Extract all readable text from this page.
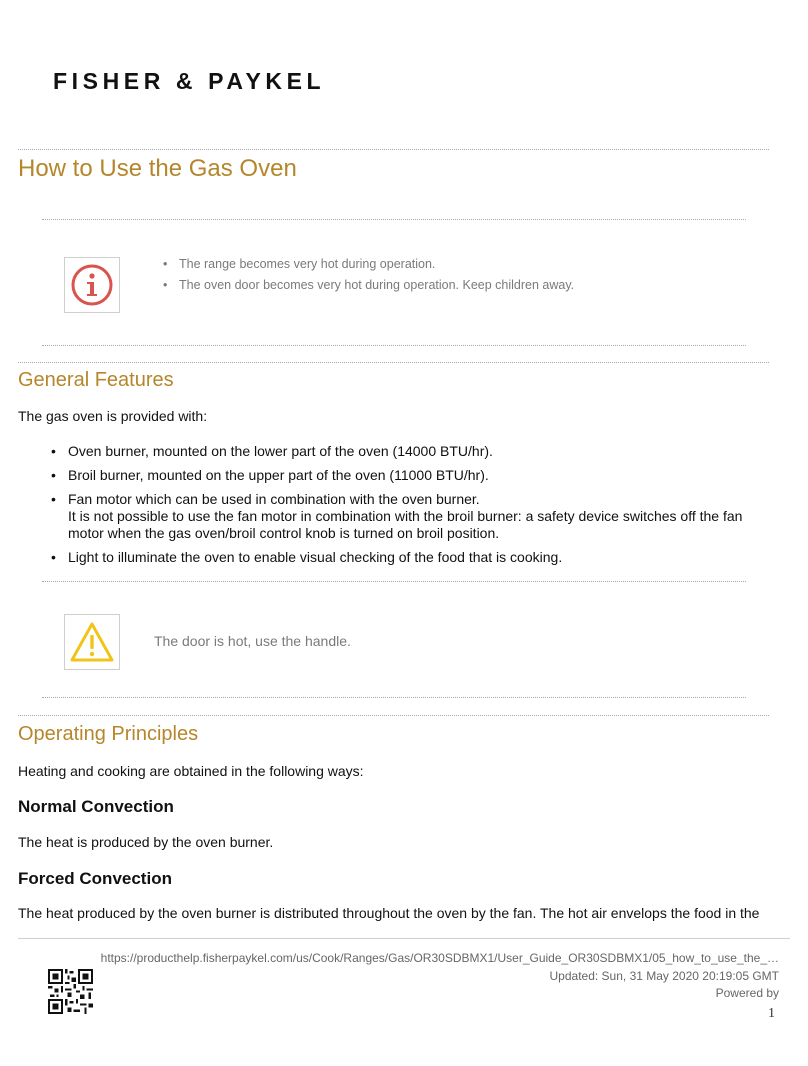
FISHER & PAYKEL
How to Use the Gas Oven
• The range becomes very hot during operation.
• The oven door becomes very hot during operation. Keep children away.
General Features
The gas oven is provided with:
• Oven burner, mounted on the lower part of the oven (14000 BTU/hr).
• Broil burner, mounted on the upper part of the oven (11000 BTU/hr).
• Fan motor which can be used in combination with the oven burner.
It is not possible to use the fan motor in combination with the broil burner: a safety device switches off the fan motor when the gas oven/broil control knob is turned on broil position.
• Light to illuminate the oven to enable visual checking of the food that is cooking.
The door is hot, use the handle.
Operating Principles
Heating and cooking are obtained in the following ways:
Normal Convection
The heat is produced by the oven burner.
Forced Convection
The heat produced by the oven burner is distributed throughout the oven by the fan. The hot air envelops the food in the
https://producthelp.fisherpaykel.com/us/Cook/Ranges/Gas/OR30SDBMX1/User_Guide_OR30SDBMX1/05_how_to_use_the_…
Updated: Sun, 31 May 2020 20:19:05 GMT
Powered by
1
